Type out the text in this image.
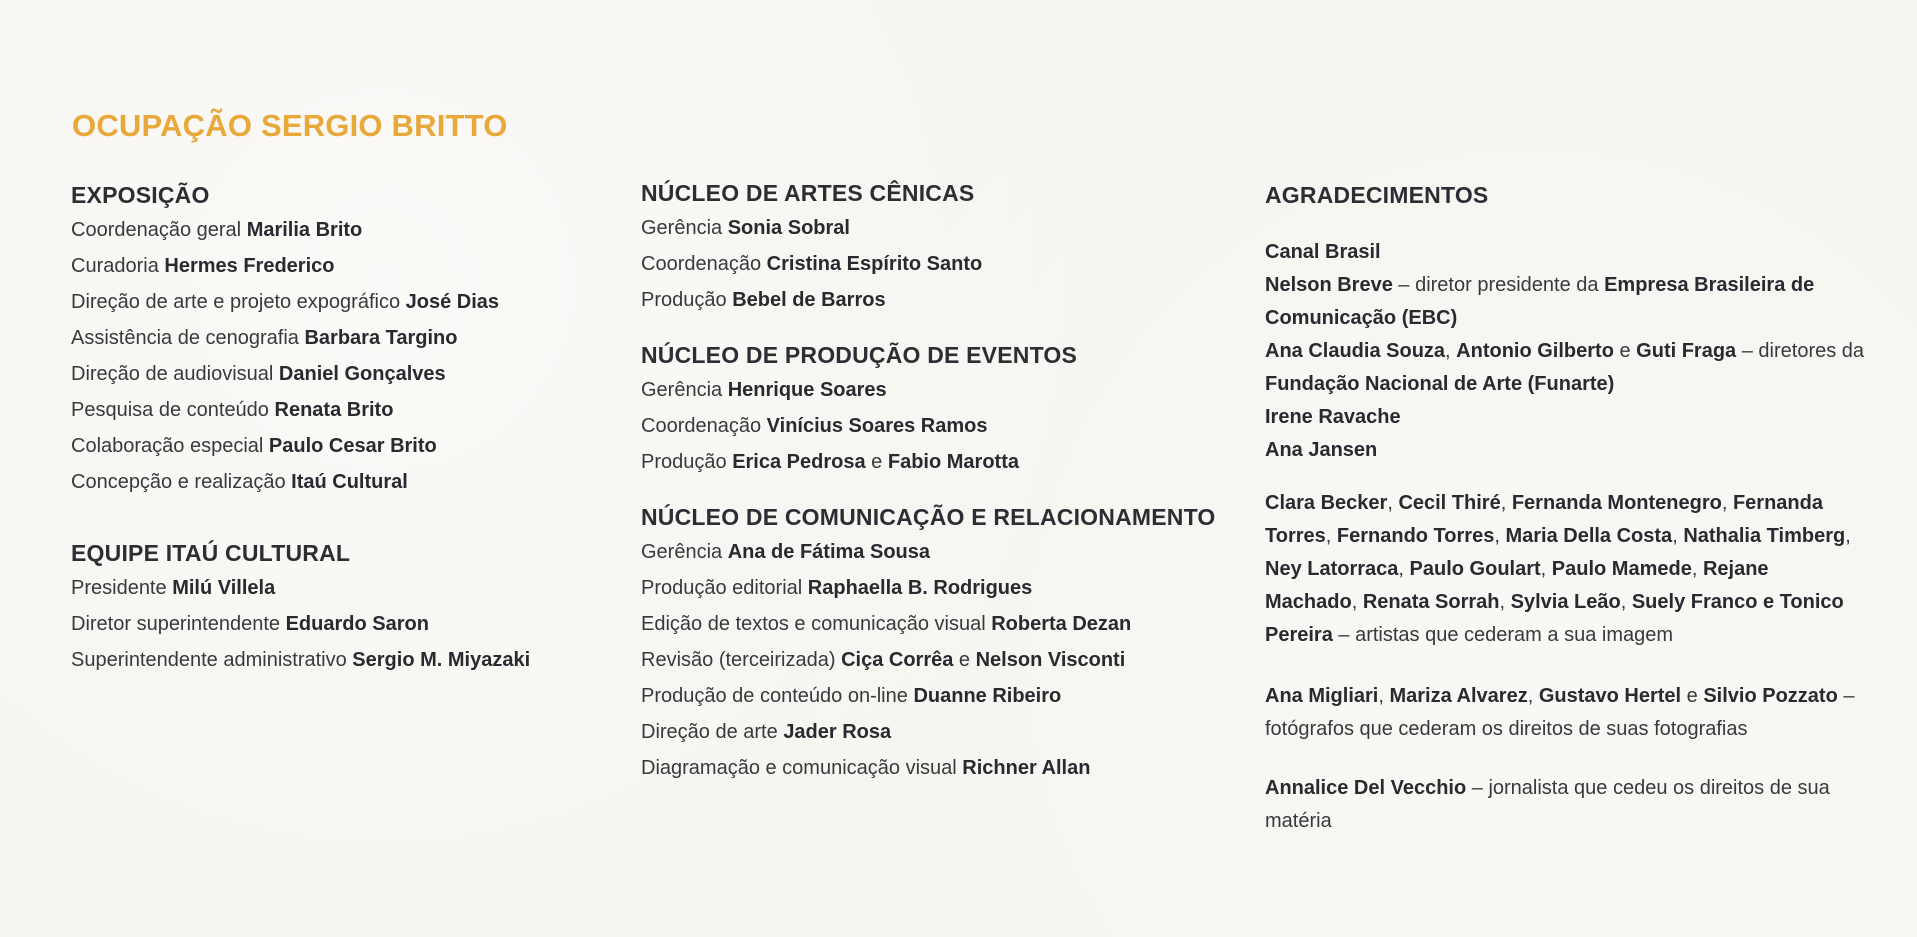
OCUPAÇÃO SERGIO BRITTO
EXPOSIÇÃO
Coordenação geral Marilia Brito
Curadoria Hermes Frederico
Direção de arte e projeto expográfico José Dias
Assistência de cenografia Barbara Targino
Direção de audiovisual Daniel Gonçalves
Pesquisa de conteúdo Renata Brito
Colaboração especial Paulo Cesar Brito
Concepção e realização Itaú Cultural
EQUIPE ITAÚ CULTURAL
Presidente Milú Villela
Diretor superintendente Eduardo Saron
Superintendente administrativo Sergio M. Miyazaki
NÚCLEO DE ARTES CÊNICAS
Gerência Sonia Sobral
Coordenação Cristina Espírito Santo
Produção Bebel de Barros
NÚCLEO DE PRODUÇÃO DE EVENTOS
Gerência Henrique Soares
Coordenação Vinícius Soares Ramos
Produção Erica Pedrosa e Fabio Marotta
NÚCLEO DE COMUNICAÇÃO E RELACIONAMENTO
Gerência Ana de Fátima Sousa
Produção editorial Raphaella B. Rodrigues
Edição de textos e comunicação visual Roberta Dezan
Revisão (terceirizada) Ciça Corrêa e Nelson Visconti
Produção de conteúdo on-line Duanne Ribeiro
Direção de arte Jader Rosa
Diagramação e comunicação visual Richner Allan
AGRADECIMENTOS
Canal Brasil
Nelson Breve – diretor presidente da Empresa Brasileira de Comunicação (EBC)
Ana Claudia Souza, Antonio Gilberto e Guti Fraga – diretores da Fundação Nacional de Arte (Funarte)
Irene Ravache
Ana Jansen
Clara Becker, Cecil Thiré, Fernanda Montenegro, Fernanda Torres, Fernando Torres, Maria Della Costa, Nathalia Timberg, Ney Latorraca, Paulo Goulart, Paulo Mamede, Rejane Machado, Renata Sorrah, Sylvia Leão, Suely Franco e Tonico Pereira – artistas que cederam a sua imagem
Ana Migliari, Mariza Alvarez, Gustavo Hertel e Silvio Pozzato – fotógrafos que cederam os direitos de suas fotografias
Annalice Del Vecchio – jornalista que cedeu os direitos de sua matéria
